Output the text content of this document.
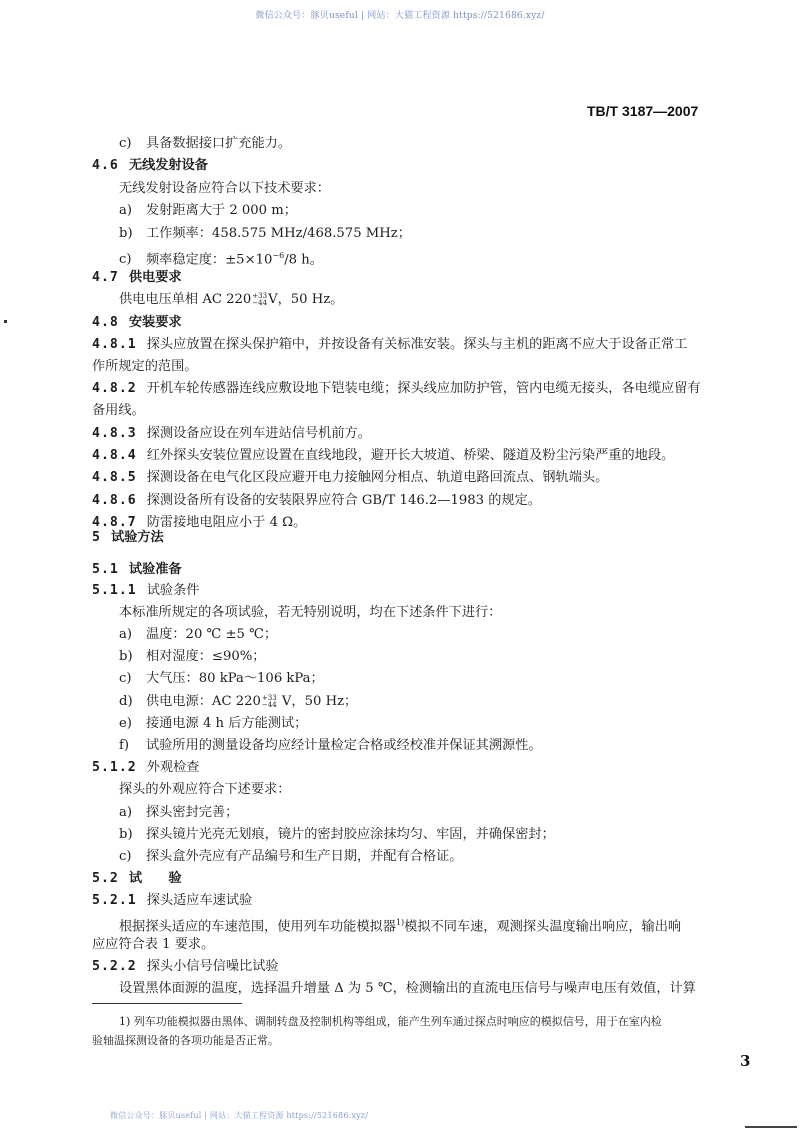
微信公众号：豚贝useful | 网站：大猫工程资源 https://521686.xyz/
TB/T 3187—2007
c) 具备数据接口扩充能力。
4.6 无线发射设备
无线发射设备应符合以下技术要求：
a) 发射距离大于 2 000 m；
b) 工作频率：458.575 MHz/468.575 MHz；
c) 频率稳定度：$\pm 5\times 10^{-6}/8$ h。
4.7 供电要求
供电电压单相 AC 220+33
−44V，50 Hz。
4.8 安装要求
4.8.1 探头应放置在探头保护箱中，并按设备有关标准安装。探头与主机的距离不应大于设备正常工
作所规定的范围。
4.8.2 开机车轮传感器连线应敷设地下铠装电缆；探头线应加防护管，管内电缆无接头，各电缆应留有
备用线。
4.8.3 探测设备应设在列车进站信号机前方。
4.8.4 红外探头安装位置应设置在直线地段，避开长大坡道、桥梁、隧道及粉尘污染严重的地段。
4.8.5 探测设备在电气化区段应避开电力接触网分相点、轨道电路回流点、钢轨端头。
4.8.6 探测设备所有设备的安装限界应符合 GB/T 146.2—1983 的规定。
4.8.7 防雷接地电阻应小于 4 Ω。
5 试验方法
5.1 试验准备
5.1.1 试验条件
本标准所规定的各项试验，若无特别说明，均在下述条件下进行：
a) 温度：20 ℃ ±5 ℃；
b) 相对湿度：≤90%；
c) 大气压：80 kPa～106 kPa；
d) 供电电源：AC 220+33
−44 V，50 Hz；
e) 接通电源 4 h 后方能测试；
f) 试验所用的测量设备均应经计量检定合格或经校准并保证其溯源性。
5.1.2 外观检查
探头的外观应符合下述要求：
a) 探头密封完善；
b) 探头镜片光亮无划痕，镜片的密封胶应涂抹均匀、牢固，并确保密封；
c) 探头盒外壳应有产品编号和生产日期，并配有合格证。
5.2 试　　验
5.2.1 探头适应车速试验
根据探头适应的车速范围，使用列车功能模拟器$^{1)}$模拟不同车速，观测探头温度输出响应，输出响
应应符合表 1 要求。
5.2.2 探头小信号信噪比试验
设置黑体面源的温度，选择温升增量 Δ 为 5 ℃，检测输出的直流电压信号与噪声电压有效值，计算
1) 列车功能模拟器由黑体、调制转盘及控制机构等组成，能产生列车通过探点时响应的模拟信号，用于在室内检
验轴温探测设备的各项功能是否正常。
3
微信公众号：豚贝useful | 网站：大猫工程资源 https://521686.xyz/
